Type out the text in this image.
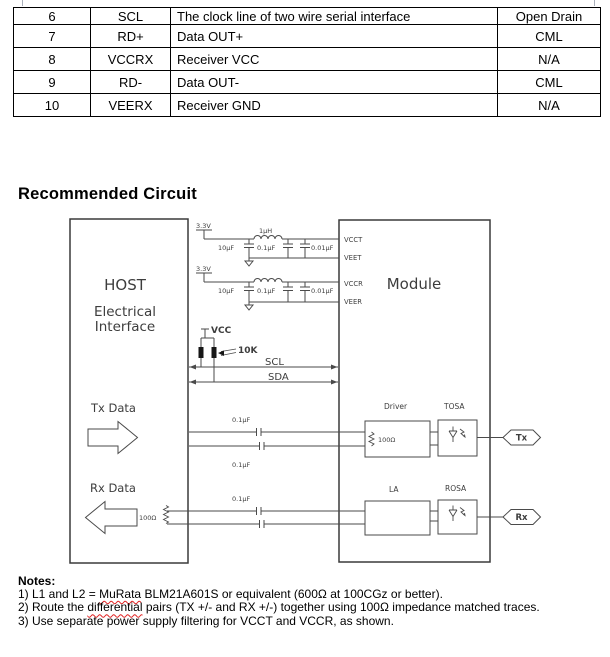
6	SCL	The clock line of two wire serial interface	Open Drain
7	RD+	Data OUT+	CML
8	VCCRX	Receiver VCC	N/A
9	RD-	Data OUT-	CML
10	VEERX	Receiver GND	N/A
Recommended Circuit
HOST
Electrical
Interface
Module
3.3V
1μH
10μF	0.1μF	0.01μF
VCCT
VEET
3.3V
10μF	0.1μF	0.01μF
VCCR
VEER
VCC
10K
SCL
SDA
Tx Data
0.1μF
0.1μF
Driver
100Ω
TOSA
Tx
Rx Data
100Ω
0.1μF
LA	ROSA
Rx
Notes:
1) L1 and L2 = MuRata BLM21A601S or equivalent (600Ω at 100CGz or better).
2) Route the differential pairs (TX +/- and RX +/-) together using 100Ω impedance matched traces.
3) Use separate power supply filtering for VCCT and VCCR, as shown.
